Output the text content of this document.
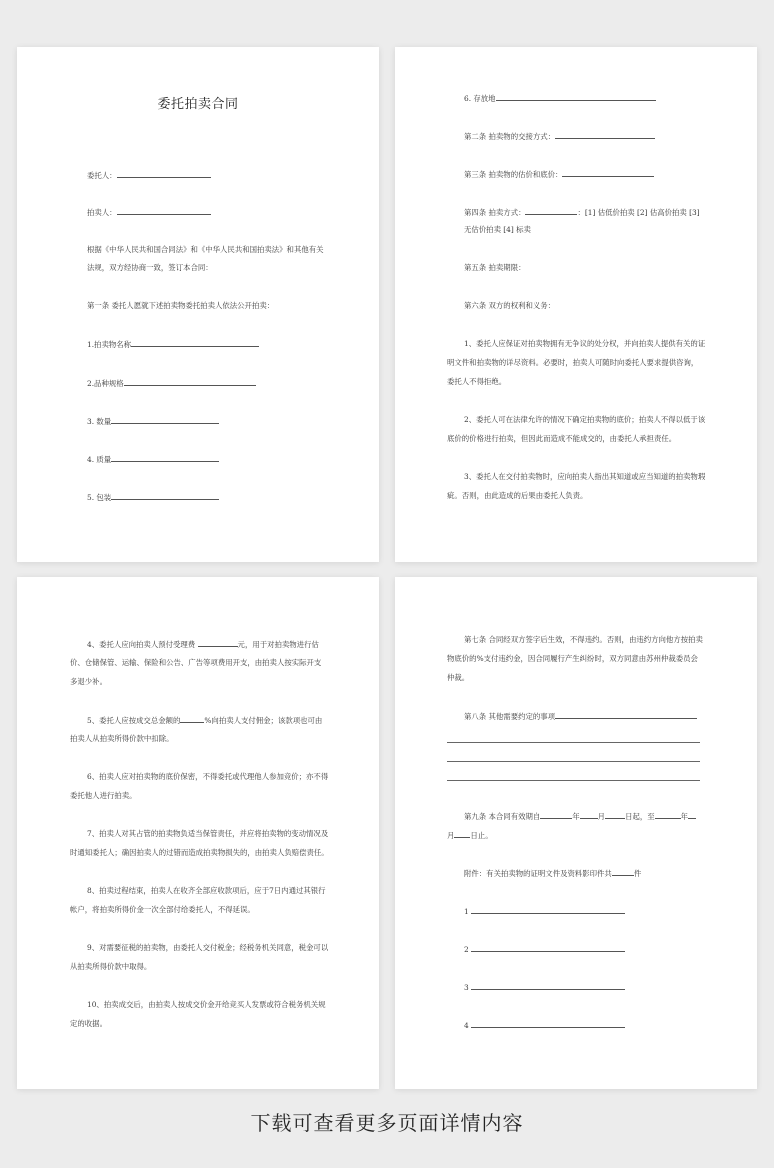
委托拍卖合同
委托人：
拍卖人：
根据《中华人民共和国合同法》和《中华人民共和国拍卖法》和其他有关
法规，双方经协商一致，签订本合同：
第一条 委托人愿就下述拍卖物委托拍卖人依法公开拍卖：
1.拍卖物名称
2.品种规格
3. 数量
4. 质量
5. 包装
6. 存放地
第二条 拍卖物的交接方式：
第三条 拍卖物的估价和底价：
第四条 拍卖方式：	：[1] 估低价拍卖 [2] 估高价拍卖 [3]
无估价拍卖 [4] 标卖
第五条 拍卖期限：
第六条 双方的权利和义务：
1、委托人应保证对拍卖物拥有无争议的处分权，并向拍卖人提供有关的证
明文件和拍卖物的详尽资料。必要时，拍卖人可随时向委托人要求提供咨询，
委托人不得拒绝。
2、委托人可在法律允许的情况下确定拍卖物的底价；拍卖人不得以低于该
底价的价格进行拍卖，但因此而造成不能成交的，由委托人承担责任。
3、委托人在交付拍卖物时，应向拍卖人指出其知道或应当知道的拍卖物瑕
疵。否则，由此造成的后果由委托人负责。
4、委托人应向拍卖人预付受理费	元，用于对拍卖物进行估
价、仓储保管、运输、保险和公告、广告等项费用开支，由拍卖人按实际开支
多退少补。
5、委托人应按成交总金额的	%向拍卖人支付佣金；该款项也可由
拍卖人从拍卖所得价款中扣除。
6、拍卖人应对拍卖物的底价保密，不得委托或代理他人参加竞价；亦不得
委托他人进行拍卖。
7、拍卖人对其占管的拍卖物负适当保管责任，并应将拍卖物的变动情况及
时通知委托人；确因拍卖人的过错而造成拍卖物损失的，由拍卖人负赔偿责任。
8、拍卖过程结束，拍卖人在收齐全部应收款项后，应于7日内通过其银行
帐户，将拍卖所得价金一次全部付给委托人，不得延误。
9、对需要征税的拍卖物，由委托人交付税金；经税务机关同意，税金可以
从拍卖所得价款中取得。
10、拍卖成交后，由拍卖人按成交价金开给竞买人发票或符合税务机关规
定的收据。
第七条 合同经双方签字后生效，不得违约。否则，由违约方向他方按拍卖
物底价的%支付违约金，因合同履行产生纠纷时，双方同意由苏州仲裁委员会
仲裁。
第八条 其他需要约定的事项
第九条 本合同有效期自	年 月	日起，至	年
月 日止。
附件：有关拍卖物的证明文件及资料影印件共	件
1
2
3
4
下载可查看更多页面详情内容
